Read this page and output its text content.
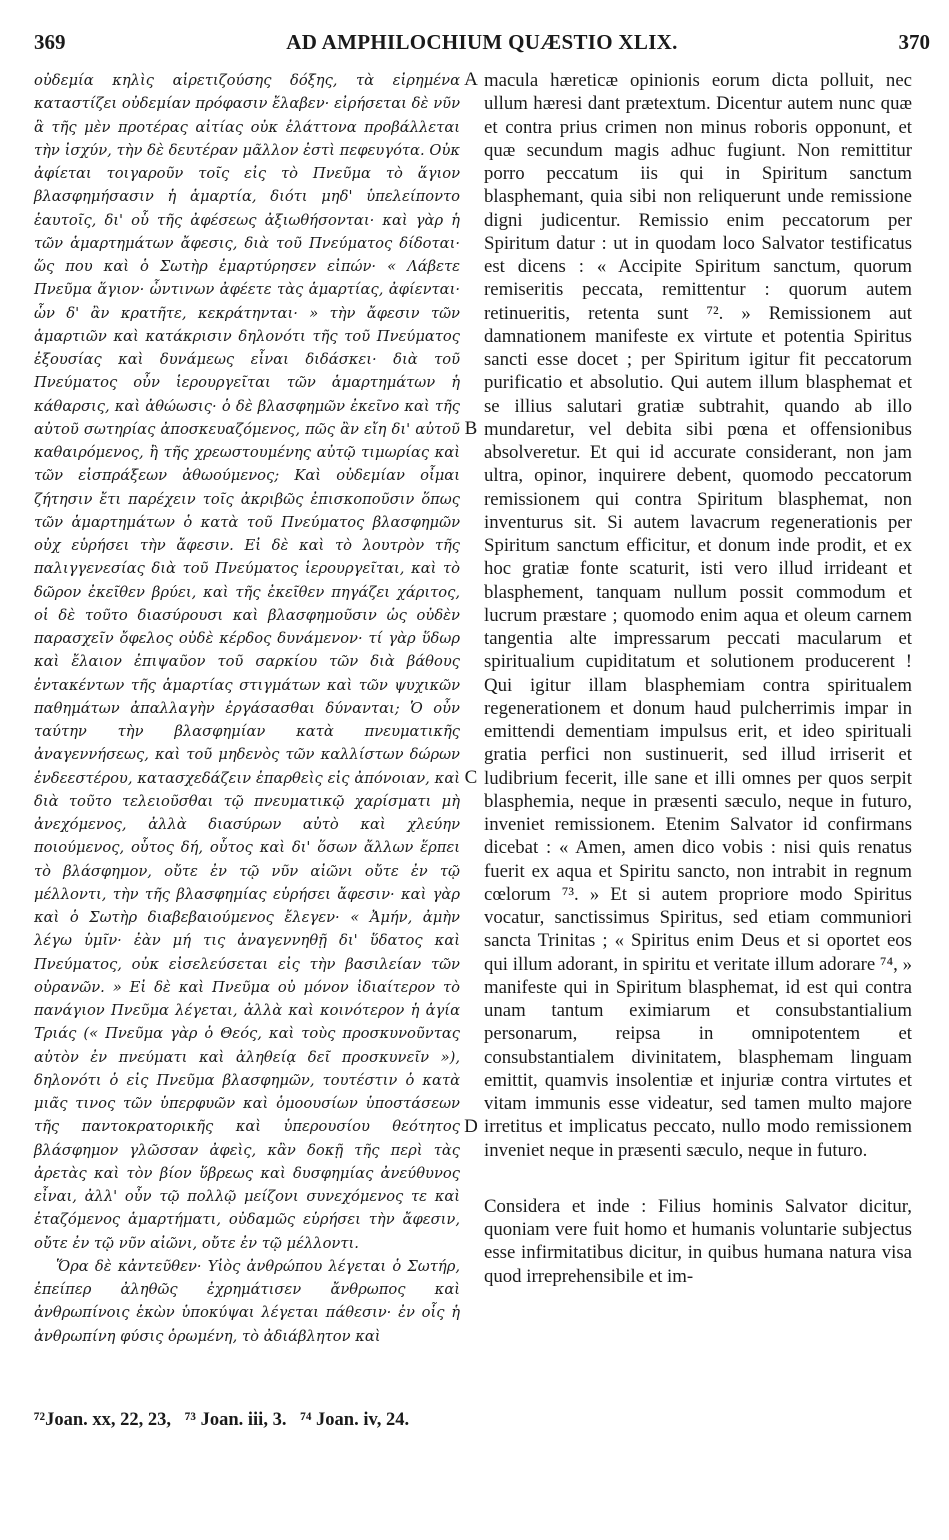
369	AD AMPHILOCHIUM QUÆSTIO XLIX.	370

οὐδεμία κηλὶς αἱρετιζούσης δόξης, τὰ εἰρημένα καταστίζει οὐδεμίαν πρόφασιν ἔλαβεν· εἰρήσεται δὲ νῦν ἃ τῆς μὲν προτέρας αἰτίας οὐκ ἐλάττονα προβάλλεται τὴν ἰσχύν, τὴν δὲ δευτέραν μᾶλλον ἐστὶ πεφευγότα. Οὐκ ἀφίεται τοιγαροῦν τοῖς εἰς τὸ Πνεῦμα τὸ ἅγιον βλασφημήσασιν ἡ ἁμαρτία, διότι μηδ' ὑπελείποντο ἑαυτοῖς, δι' οὗ τῆς ἀφέσεως ἀξιωθήσονται· καὶ γὰρ ἡ τῶν ἁμαρτημάτων ἄφεσις, διὰ τοῦ Πνεύματος δίδοται· ὥς που καὶ ὁ Σωτὴρ ἐμαρτύρησεν εἰπών· « Λάβετε Πνεῦμα ἅγιον· ὧντινων ἀφέετε τὰς ἁμαρτίας, ἀφίενται· ὧν δ' ἂν κρατῆτε, κεκράτηνται· » τὴν ἄφεσιν τῶν ἁμαρτιῶν καὶ κατάκρισιν δηλονότι τῆς τοῦ Πνεύματος ἐξουσίας καὶ δυνάμεως εἶναι διδάσκει· διὰ τοῦ Πνεύματος οὖν ἱερουργεῖται τῶν ἁμαρτημάτων ἡ κάθαρσις, καὶ ἀθώωσις· ὁ δὲ βλασφημῶν ἐκεῖνο καὶ τῆς αὐτοῦ σωτηρίας ἀποσκευαζόμενος, πῶς ἂν εἴη δι' αὐτοῦ καθαιρόμενος, ἢ τῆς χρεωστουμένης αὐτῷ τιμωρίας καὶ τῶν εἰσπράξεων ἀθωούμενος; Καὶ οὐδεμίαν οἶμαι ζήτησιν ἔτι παρέχειν τοῖς ἀκριβῶς ἐπισκοποῦσιν ὅπως τῶν ἁμαρτημάτων ὁ κατὰ τοῦ Πνεύματος βλασφημῶν οὐχ εὑρήσει τὴν ἄφεσιν. Εἰ δὲ καὶ τὸ λουτρὸν τῆς παλιγγενεσίας διὰ τοῦ Πνεύματος ἱερουργεῖται, καὶ τὸ δῶρον ἐκεῖθεν βρύει, καὶ τῆς ἐκεῖθεν πηγάζει χάριτος, οἱ δὲ τοῦτο διασύρουσι καὶ βλασφημοῦσιν ὡς οὐδὲν παρασχεῖν ὄφελος οὐδὲ κέρδος δυνάμενον· τί γὰρ ὕδωρ καὶ ἔλαιον ἐπιψαῦον τοῦ σαρκίου τῶν διὰ βάθους ἐντακέντων τῆς ἁμαρτίας στιγμάτων καὶ τῶν ψυχικῶν παθημάτων ἀπαλλαγὴν ἐργάσασθαι δύνανται; Ὁ οὖν ταύτην τὴν βλασφημίαν κατὰ πνευματικῆς ἀναγεννήσεως, καὶ τοῦ μηδενὸς τῶν καλλίστων δώρων ἐνδεεστέρου, κατασχεδάζειν ἐπαρθεὶς εἰς ἀπόνοιαν, καὶ διὰ τοῦτο τελειοῦσθαι τῷ πνευματικῷ χαρίσματι μὴ ἀνεχόμενος, ἀλλὰ διασύρων αὐτὸ καὶ χλεύην ποιούμενος, οὗτος δή, οὗτος καὶ δι' ὅσων ἄλλων ἕρπει τὸ βλάσφημον, οὔτε ἐν τῷ νῦν αἰῶνι οὔτε ἐν τῷ μέλλοντι, τὴν τῆς βλασφημίας εὑρήσει ἄφεσιν· καὶ γὰρ καὶ ὁ Σωτὴρ διαβεβαιούμενος ἔλεγεν· « Ἀμήν, ἀμὴν λέγω ὑμῖν· ἐὰν μή τις ἀναγεννηθῇ δι' ὕδατος καὶ Πνεύματος, οὐκ εἰσελεύσεται εἰς τὴν βασιλείαν τῶν οὐρανῶν. » Εἰ δὲ καὶ Πνεῦμα οὐ μόνον ἰδιαίτερον τὸ πανάγιον Πνεῦμα λέγεται, ἀλλὰ καὶ κοινότερον ἡ ἁγία Τριάς (« Πνεῦμα γὰρ ὁ Θεός, καὶ τοὺς προσκυνοῦντας αὐτὸν ἐν πνεύματι καὶ ἀληθείᾳ δεῖ προσκυνεῖν »), δηλονότι ὁ εἰς Πνεῦμα βλασφημῶν, τουτέστιν ὁ κατὰ μιᾶς τινος τῶν ὑπερφυῶν καὶ ὁμοουσίων ὑποστάσεων τῆς παντοκρατορικῆς καὶ ὑπερουσίου θεότητος βλάσφημον γλῶσσαν ἀφεὶς, κἂν δοκῇ τῆς περὶ τὰς ἀρετὰς καὶ τὸν βίον ὕβρεως καὶ δυσφημίας ἀνεύθυνος εἶναι, ἀλλ' οὖν τῷ πολλῷ μείζονι συνεχόμενος τε καὶ ἐταζόμενος ἁμαρτήματι, οὐδαμῶς εὑρήσει τὴν ἄφεσιν, οὔτε ἐν τῷ νῦν αἰῶνι, οὔτε ἐν τῷ μέλλοντι.

Ὅρα δὲ κἀντεῦθεν· Υἱὸς ἀνθρώπου λέγεται ὁ Σωτήρ, ἐπείπερ ἀληθῶς ἐχρημάτισεν ἄνθρωπος καὶ ἀνθρωπίνοις ἑκὼν ὑποκύψαι λέγεται πάθεσιν· ἐν οἷς ἡ ἀνθρωπίνη φύσις ὁρωμένη, τὸ ἀδιάβλητον καὶ

A
B
C
D

macula hæreticæ opinionis eorum dicta polluit, nec ullum hæresi dant prætextum. Dicentur autem nunc quæ et contra prius crimen non minus roboris opponunt, et quæ secundum magis adhuc fugiunt. Non remittitur porro peccatum iis qui in Spiritum sanctum blasphemant, quia sibi non reliquerunt unde remissione digni judicentur. Remissio enim peccatorum per Spiritum datur : ut in quodam loco Salvator testificatus est dicens : « Accipite Spiritum sanctum, quorum remiseritis peccata, remittentur : quorum autem retinueritis, retenta sunt ⁷². » Remissionem aut damnationem manifeste ex virtute et potentia Spiritus sancti esse docet ; per Spiritum igitur fit peccatorum purificatio et absolutio. Qui autem illum blasphemat et se illius salutari gratiæ subtrahit, quando ab illo mundaretur, vel debita sibi pœna et offensionibus absolveretur. Et qui id accurate considerant, non jam ultra, opinor, inquirere debent, quomodo peccatorum remissionem qui contra Spiritum blasphemat, non inventurus sit. Si autem lavacrum regenerationis per Spiritum sanctum efficitur, et donum inde prodit, et ex hoc gratiæ fonte scaturit, isti vero illud irrideant et blasphement, tanquam nullum possit commodum et lucrum præstare ; quomodo enim aqua et oleum carnem tangentia alte impressarum peccati macularum et spiritualium cupiditatum et solutionem producerent ! Qui igitur illam blasphemiam contra spiritualem regenerationem et donum haud pulcherrimis impar in emittendi dementiam impulsus erit, et ideo spirituali gratia perfici non sustinuerit, sed illud irriserit et ludibrium fecerit, ille sane et illi omnes per quos serpit blasphemia, neque in præsenti sæculo, neque in futuro, inveniet remissionem. Etenim Salvator id confirmans dicebat : « Amen, amen dico vobis : nisi quis renatus fuerit ex aqua et Spiritu sancto, non intrabit in regnum cœlorum ⁷³. » Et si autem propriore modo Spiritus vocatur, sanctissimus Spiritus, sed etiam communiori sancta Trinitas ; « Spiritus enim Deus et si oportet eos qui illum adorant, in spiritu et veritate illum adorare ⁷⁴, » manifeste qui in Spiritum blasphemat, id est qui contra unam tantum eximiarum et consubstantialium personarum, reipsa in omnipotentem et consubstantialem divinitatem, blasphemam linguam emittit, quamvis insolentiæ et injuriæ contra virtutes et vitam immunis esse videatur, sed tamen multo majore irretitus et implicatus peccato, nullo modo remissionem inveniet neque in præsenti sæculo, neque in futuro.

Considera et inde : Filius hominis Salvator dicitur, quoniam vere fuit homo et humanis voluntarie subjectus esse infirmitatibus dicitur, in quibus humana natura visa quod irreprehensibile et im-

⁷²Joan. xx, 22, 23, ⁷³ Joan. iii, 3. ⁷⁴ Joan. iv, 24.
